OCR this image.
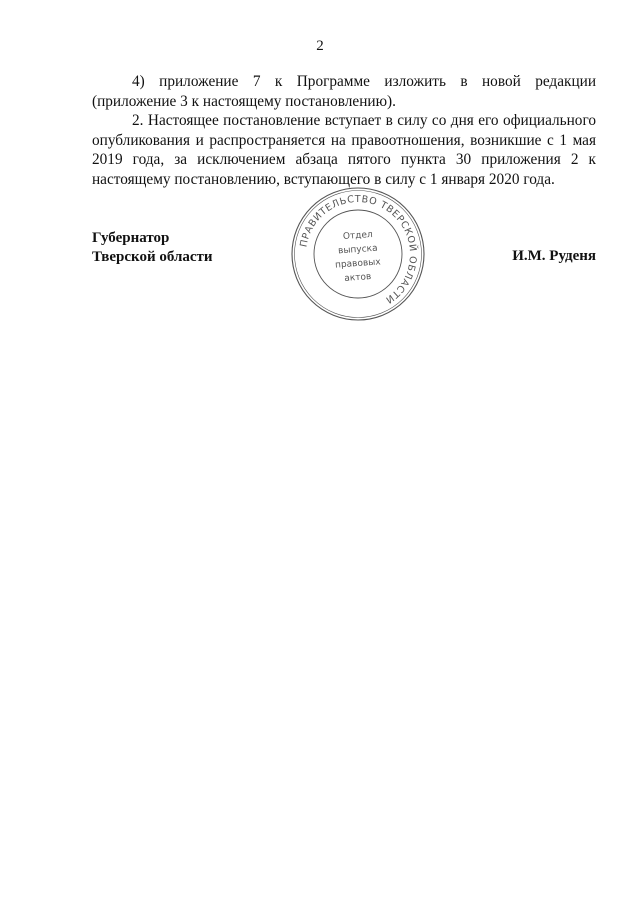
2

4) приложение 7 к Программе изложить в новой редакции (приложение 3 к настоящему постановлению).

2. Настоящее постановление вступает в силу со дня его официального опубликования и распространяется на правоотношения, возникшие с 1 мая 2019 года, за исключением абзаца пятого пункта 30 приложения 2 к настоящему постановлению, вступающего в силу с 1 января 2020 года.

Губернатор
Тверской области
ПРАВИТЕЛЬСТВО ТВЕРСКОЙ ОБЛАСТИ
Отдел
выпуска
правовых
актов
И.М. Руденя
